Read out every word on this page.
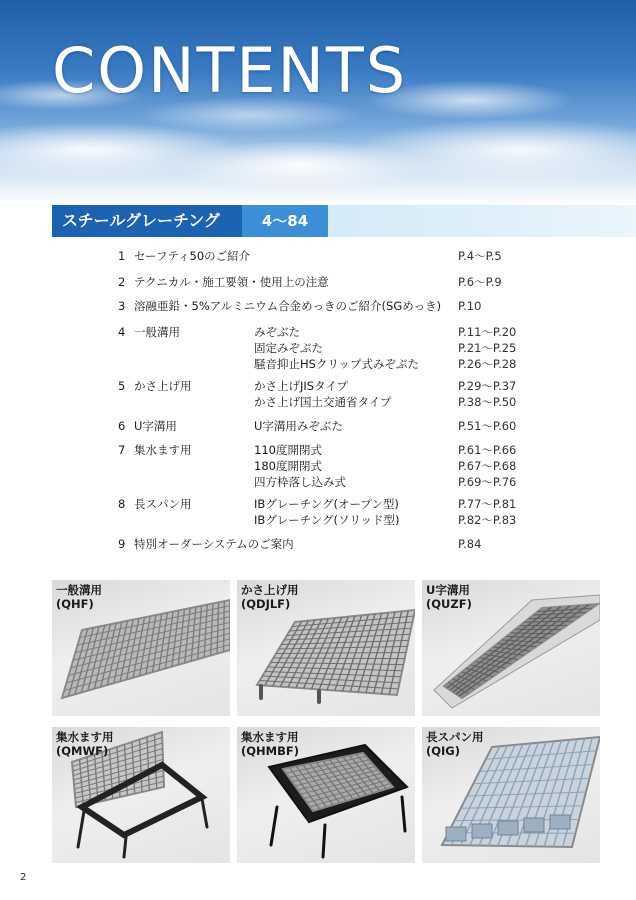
CONTENTS
スチールグレーチング	4～84
1 セーフティ50のご紹介	P.4～P.5
2 テクニカル・施工要領・使用上の注意	P.6～P.9
3 溶融亜鉛・5%アルミニウム合金めっきのご紹介(SGめっき) P.10
4 一般溝用	みぞぶた	P.11～P.20
固定みぞぶた	P.21～P.25
騒音抑止HSクリップ式みぞぶた	P.26～P.28
5 かさ上げ用	かさ上げJISタイプ	P.29～P.37
かさ上げ国土交通省タイプ	P.38～P.50
6 U字溝用	U字溝用みぞぶた	P.51～P.60
7 集水ます用	110度開閉式	P.61～P.66
180度開閉式	P.67～P.68
四方枠落し込み式	P.69～P.76
8 長スパン用	IBグレーチング(オープン型)	P.77～P.81
IBグレーチング(ソリッド型)	P.82～P.83
9 特別オーダーシステムのご案内	P.84
一般溝用
(QHF)
かさ上げ用
(QDJLF)
U字溝用
(QUZF)
集水ます用
(QMWF)
集水ます用
(QHMBF)
長スパン用
(QIG)
2
